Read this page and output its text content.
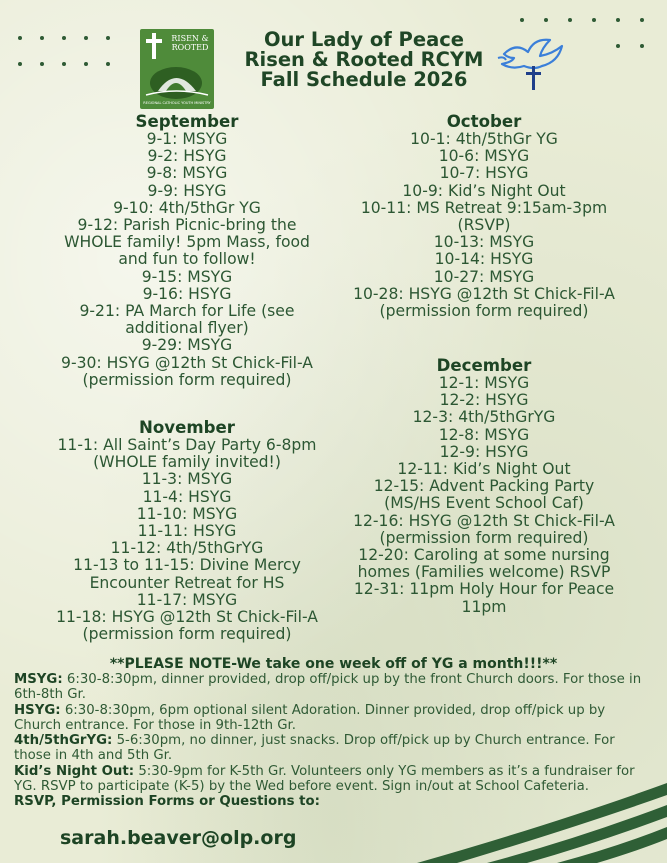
RISEN &
ROOTED
REGIONAL CATHOLIC YOUTH MINISTRY
Our Lady of Peace
Risen & Rooted RCYM
Fall Schedule 2026
September
9-1: MSYG
9-2: HSYG
9-8: MSYG
9-9: HSYG
9-10: 4th/5thGr YG
9-12: Parish Picnic-bring the WHOLE family! 5pm Mass, food and fun to follow!
9-15: MSYG
9-16: HSYG
9-21: PA March for Life (see additional flyer)
9-29: MSYG
9-30: HSYG @12th St Chick-Fil-A (permission form required)
November
11-1: All Saint’s Day Party 6-8pm (WHOLE family invited!)
11-3: MSYG
11-4: HSYG
11-10: MSYG
11-11: HSYG
11-12: 4th/5thGrYG
11-13 to 11-15: Divine Mercy Encounter Retreat for HS
11-17: MSYG
11-18: HSYG @12th St Chick-Fil-A (permission form required)
October
10-1: 4th/5thGr YG
10-6: MSYG
10-7: HSYG
10-9: Kid’s Night Out
10-11: MS Retreat 9:15am-3pm (RSVP)
10-13: MSYG
10-14: HSYG
10-27: MSYG
10-28: HSYG @12th St Chick-Fil-A (permission form required)
December
12-1: MSYG
12-2: HSYG
12-3: 4th/5thGrYG
12-8: MSYG
12-9: HSYG
12-11: Kid’s Night Out
12-15: Advent Packing Party (MS/HS Event School Caf)
12-16: HSYG @12th St Chick-Fil-A (permission form required)
12-20: Caroling at some nursing homes (Families welcome) RSVP
12-31: 11pm Holy Hour for Peace 11pm
**PLEASE NOTE-We take one week off of YG a month!!!**
MSYG: 6:30-8:30pm, dinner provided, drop off/pick up by the front Church doors. For those in 6th-8th Gr.
HSYG: 6:30-8:30pm, 6pm optional silent Adoration. Dinner provided, drop off/pick up by Church entrance. For those in 9th-12th Gr.
4th/5thGrYG: 5-6:30pm, no dinner, just snacks. Drop off/pick up by Church entrance. For those in 4th and 5th Gr.
Kid’s Night Out: 5:30-9pm for K-5th Gr. Volunteers only YG members as it’s a fundraiser for YG. RSVP to participate (K-5) by the Wed before event. Sign in/out at School Cafeteria.
RSVP, Permission Forms or Questions to:
sarah.beaver@olp.org
